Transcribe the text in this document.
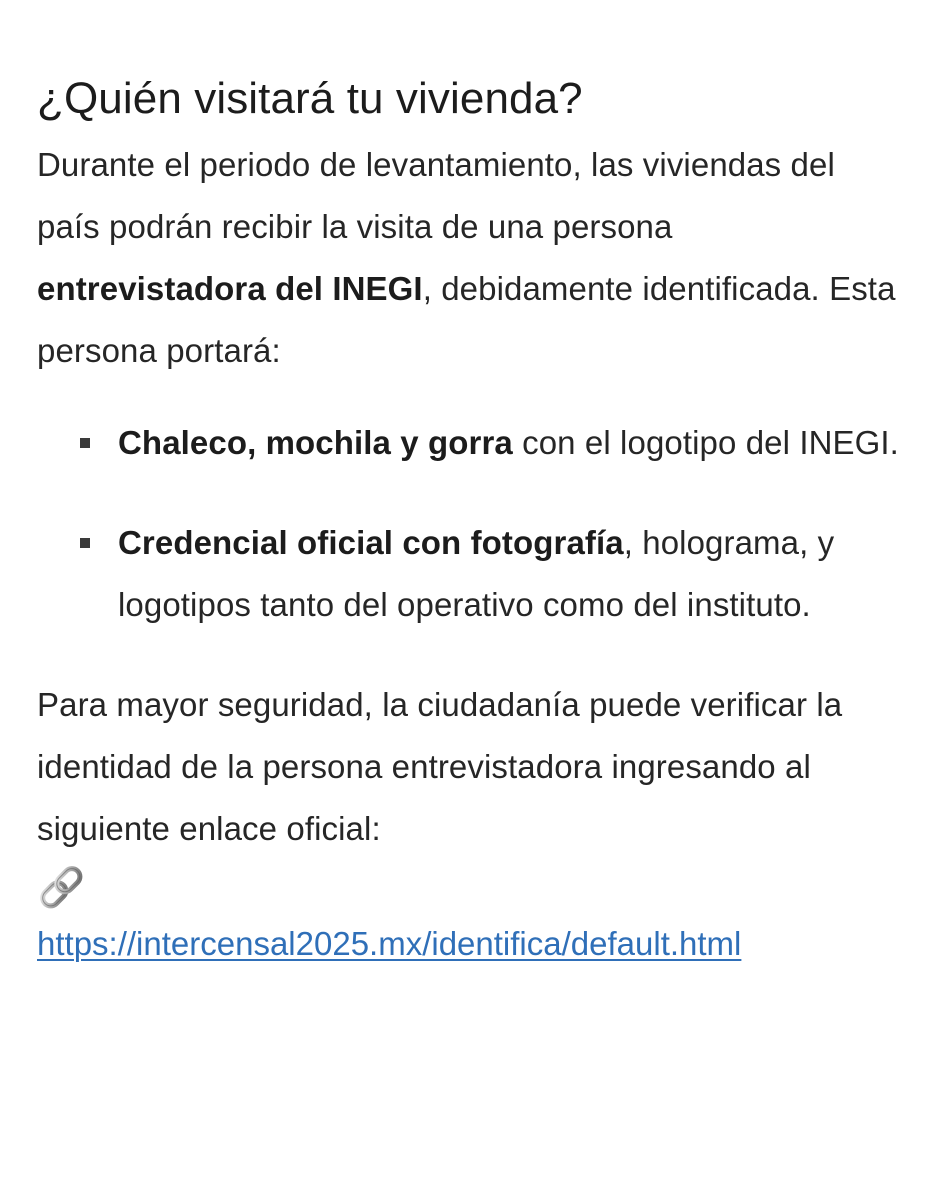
¿Quién visitará tu vivienda?

Durante el periodo de levantamiento, las viviendas del país podrán recibir la visita de una persona entrevistadora del INEGI, debidamente identificada. Esta persona portará:

Chaleco, mochila y gorra con el logotipo del INEGI.
Credencial oficial con fotografía, holograma, y logotipos tanto del operativo como del instituto.

Para mayor seguridad, la ciudadanía puede verificar la identidad de la persona entrevistadora ingresando al siguiente enlace oficial:

https://intercensal2025.mx/identifica/default.html
